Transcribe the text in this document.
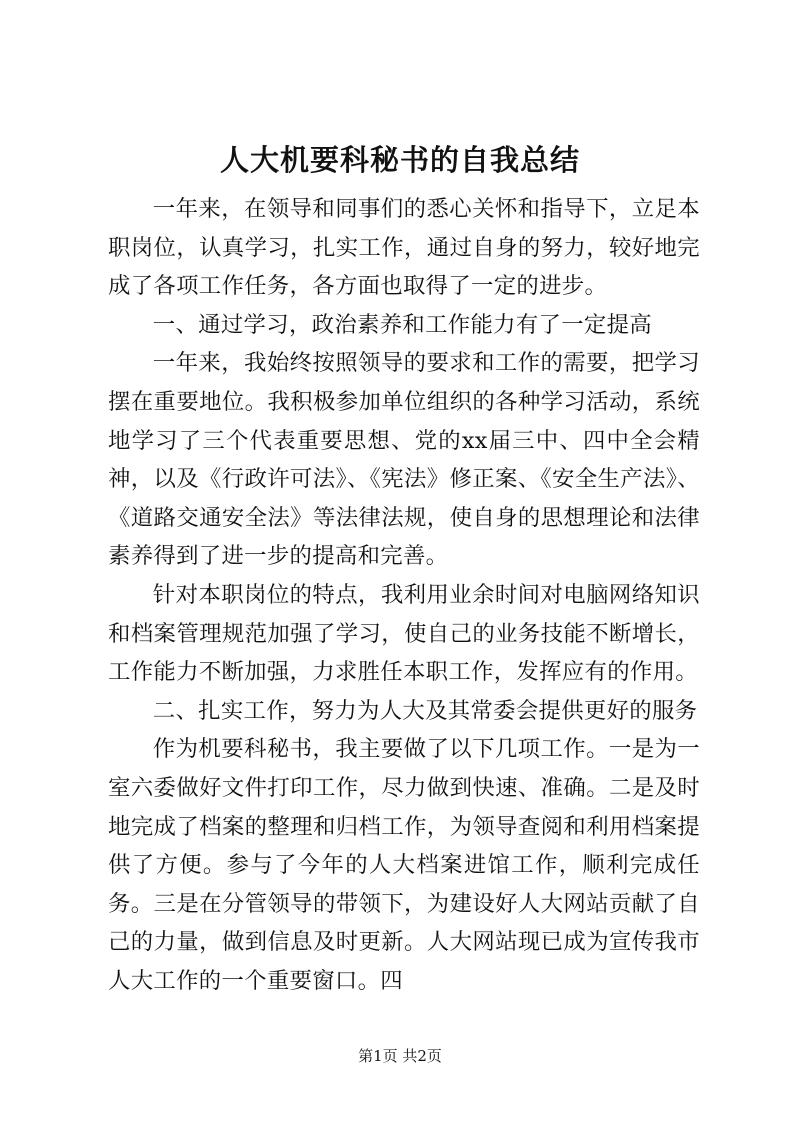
人大机要科秘书的自我总结

一年来，在领导和同事们的悉心关怀和指导下，立足本职岗位，认真学习，扎实工作，通过自身的努力，较好地完成了各项工作任务，各方面也取得了一定的进步。

一、通过学习，政治素养和工作能力有了一定提高

一年来，我始终按照领导的要求和工作的需要，把学习摆在重要地位。我积极参加单位组织的各种学习活动，系统地学习了三个代表重要思想、党的xx届三中、四中全会精神，以及《行政许可法》、《宪法》修正案、《安全生产法》、《道路交通安全法》等法律法规，使自身的思想理论和法律素养得到了进一步的提高和完善。

针对本职岗位的特点，我利用业余时间对电脑网络知识和档案管理规范加强了学习，使自己的业务技能不断增长，工作能力不断加强，力求胜任本职工作，发挥应有的作用。

二、扎实工作，努力为人大及其常委会提供更好的服务

作为机要科秘书，我主要做了以下几项工作。一是为一室六委做好文件打印工作，尽力做到快速、准确。二是及时地完成了档案的整理和归档工作，为领导查阅和利用档案提供了方便。参与了今年的人大档案进馆工作，顺利完成任务。三是在分管领导的带领下，为建设好人大网站贡献了自己的力量，做到信息及时更新。人大网站现已成为宣传我市人大工作的一个重要窗口。四

第1页 共2页
